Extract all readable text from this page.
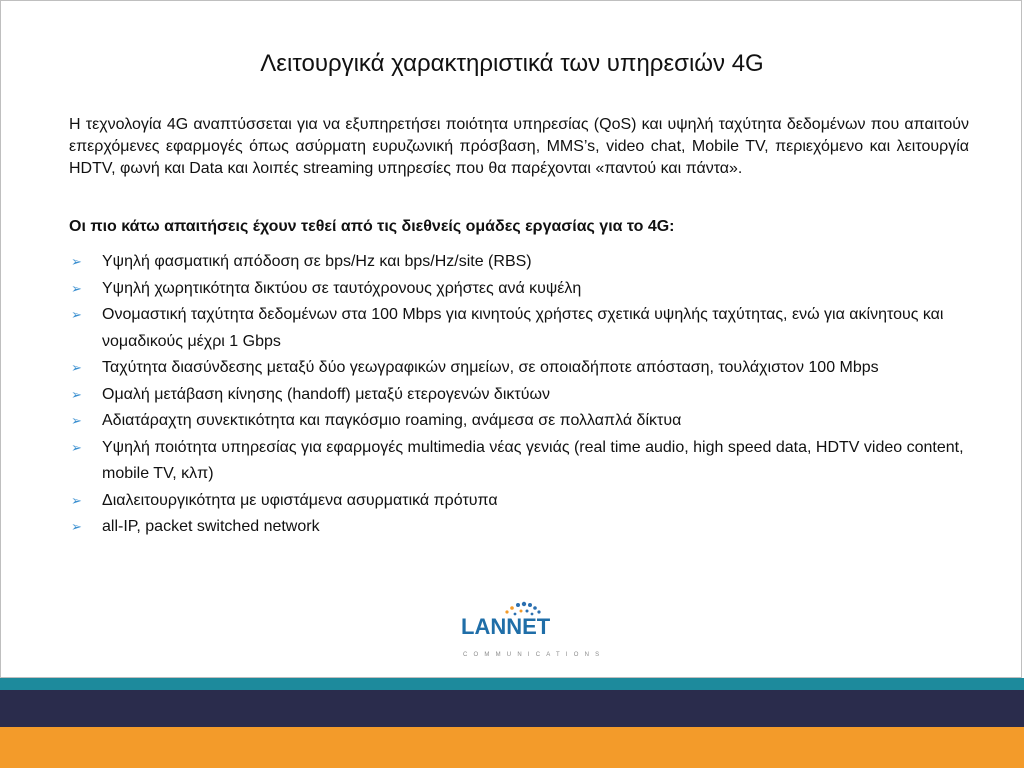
Λειτουργικά χαρακτηριστικά των υπηρεσιών 4G

Η τεχνολογία 4G αναπτύσσεται για να εξυπηρετήσει ποιότητα υπηρεσίας (QoS) και υψηλή ταχύτητα δεδομένων που απαιτούν επερχόμενες εφαρμογές όπως ασύρματη ευρυζωνική πρόσβαση, MMS’s, video chat, Mobile TV, περιεχόμενο και λειτουργία HDTV, φωνή και Data και λοιπές streaming υπηρεσίες που θα παρέχονται «παντού και πάντα».

Οι πιο κάτω απαιτήσεις έχουν τεθεί από τις διεθνείς ομάδες εργασίας για το 4G:

➢ Υψηλή φασματική απόδοση σε bps/Hz και bps/Hz/site (RBS)
➢ Υψηλή χωρητικότητα δικτύου σε ταυτόχρονους χρήστες ανά κυψέλη
➢ Ονομαστική ταχύτητα δεδομένων στα 100 Mbps για κινητούς χρήστες σχετικά υψηλής ταχύτητας, ενώ για ακίνητους και νομαδικούς μέχρι 1 Gbps
➢ Ταχύτητα διασύνδεσης μεταξύ δύο γεωγραφικών σημείων, σε οποιαδήποτε απόσταση, τουλάχιστον 100 Mbps
➢ Ομαλή μετάβαση κίνησης (handoff) μεταξύ ετερογενών δικτύων
➢ Αδιατάραχτη συνεκτικότητα και παγκόσμιο roaming, ανάμεσα σε πολλαπλά δίκτυα
➢ Υψηλή ποιότητα υπηρεσίας για εφαρμογές multimedia νέας γενιάς (real time audio, high speed data, HDTV video content, mobile TV, κλπ)
➢ Διαλειτουργικότητα με υφιστάμενα ασυρματικά πρότυπα
➢ all-IP, packet switched network
LANNET
COMMUNICATIONS
